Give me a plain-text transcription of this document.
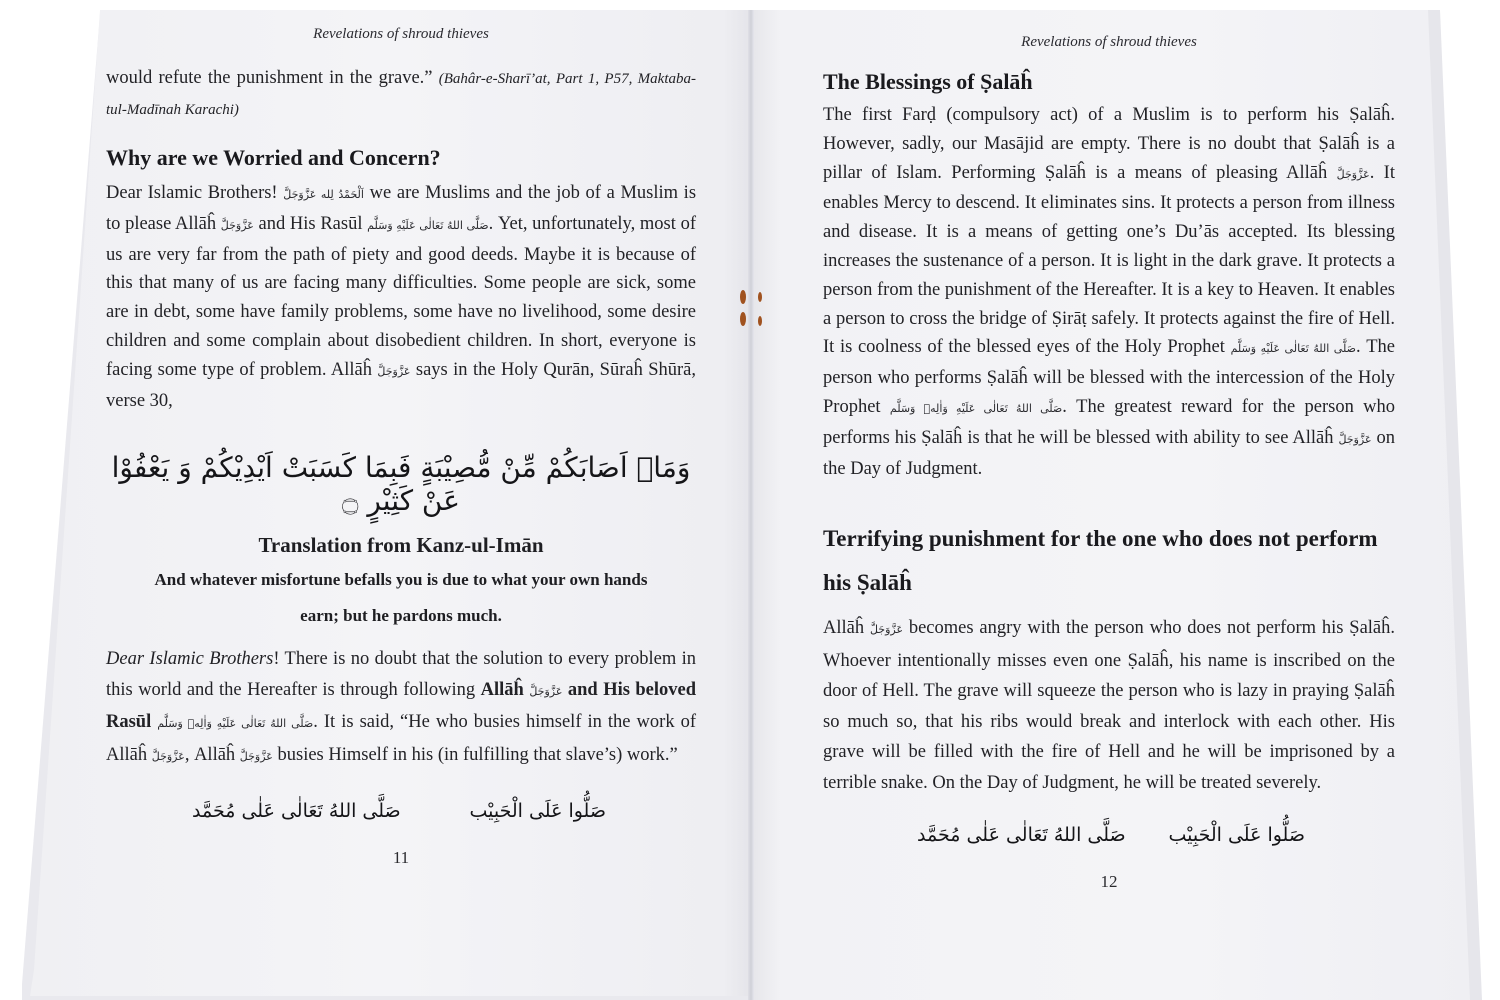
Revelations of shroud thieves

would refute the punishment in the grave.” (Bahâr-e-Sharī’at, Part 1, P57, Maktaba-tul-Madīnah Karachi)

Why are we Worried and Concern?

Dear Islamic Brothers! اَلْحَمْدُ لِله عَزَّوَجَلَّ we are Muslims and the job of a Muslim is to please Allāĥ عَزَّوَجَلَّ and His Rasūl صَلَّى اللهُ تَعَالٰى عَلَيْهِ وَسَلَّم. Yet, unfortunately, most of us are very far from the path of piety and good deeds. Maybe it is because of this that many of us are facing many difficulties. Some people are sick, some are in debt, some have family problems, some have no livelihood, some desire children and some complain about disobedient children. In short, everyone is facing some type of problem. Allāĥ عَزَّوَجَلَّ says in the Holy Qurān, Sūraĥ Shūrā, verse 30,

وَمَاۤ اَصَابَكُمْ مِّنْ مُّصِيْبَةٍ فَبِمَا كَسَبَتْ اَيْدِيْكُمْ وَ يَعْفُوْا عَنْ كَثِيْرٍ ۝
Translation from Kanz-ul-Imān

And whatever misfortune befalls you is due to what your own hands earn; but he pardons much.

Dear Islamic Brothers! There is no doubt that the solution to every problem in this world and the Hereafter is through following Allāĥ عَزَّوَجَلَّ and His beloved Rasūl صَلَّى اللهُ تَعَالٰى عَلَيْهِ وَاٰلِهٖ وَسَلَّم. It is said, “He who busies himself in the work of Allāĥ عَزَّوَجَلَّ, Allāĥ عَزَّوَجَلَّ busies Himself in his (in fulfilling that slave’s) work.”

صَلُّوا عَلَى الْحَبِيْب
صَلَّى اللهُ تَعَالٰى عَلٰى مُحَمَّد
11

Revelations of shroud thieves

The Blessings of Ṣalāĥ

The first Farḍ (compulsory act) of a Muslim is to perform his Ṣalāĥ. However, sadly, our Masājid are empty. There is no doubt that Ṣalāĥ is a pillar of Islam. Performing Ṣalāĥ is a means of pleasing Allāĥ عَزَّوَجَلَّ. It enables Mercy to descend. It eliminates sins. It protects a person from illness and disease. It is a means of getting one’s Du’ās accepted. Its blessing increases the sustenance of a person. It is light in the dark grave. It protects a person from the punishment of the Hereafter. It is a key to Heaven. It enables a person to cross the bridge of Ṣirāṭ safely. It protects against the fire of Hell. It is coolness of the blessed eyes of the Holy Prophet صَلَّى اللهُ تَعَالٰى عَلَيْهِ وَسَلَّم. The person who performs Ṣalāĥ will be blessed with the intercession of the Holy Prophet صَلَّى اللهُ تَعَالٰى عَلَيْهِ وَاٰلِهٖ وَسَلَّم. The greatest reward for the person who performs his Ṣalāĥ is that he will be blessed with ability to see Allāĥ عَزَّوَجَلَّ on the Day of Judgment.

Terrifying punishment for the one who does not perform his Ṣalāĥ

Allāĥ عَزَّوَجَلَّ becomes angry with the person who does not perform his Ṣalāĥ. Whoever intentionally misses even one Ṣalāĥ, his name is inscribed on the door of Hell. The grave will squeeze the person who is lazy in praying Ṣalāĥ so much so, that his ribs would break and interlock with each other. His grave will be filled with the fire of Hell and he will be imprisoned by a terrible snake. On the Day of Judgment, he will be treated severely.

صَلُّوا عَلَى الْحَبِيْب
صَلَّى اللهُ تَعَالٰى عَلٰى مُحَمَّد
12
